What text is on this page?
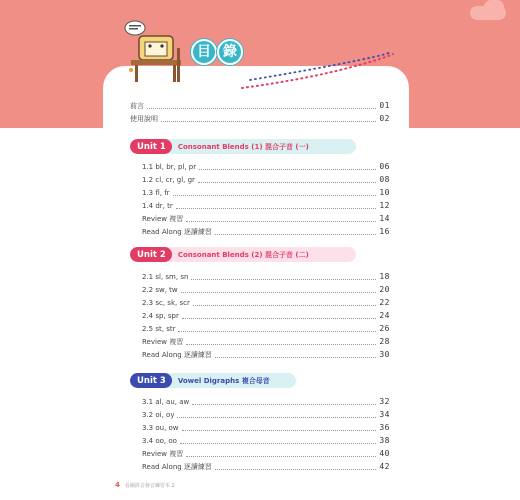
目 錄
前言	01
使用說明	02
Unit 1	Consonant Blends (1) 混合子音 (一)
1.1 bl, br, pl, pr	06
1.2 cl, cr, gl, gr	08
1.3 fl, fr	10
1.4 dr, tr	12
Review 複習	14
Read Along 逐讀練習	16
Unit 2	Consonant Blends (2) 混合子音 (二)
2.1 sl, sm, sn	18
2.2 sw, tw	20
2.3 sc, sk, scr	22
2.4 sp, spr	24
2.5 st, str	26
Review 複習	28
Read Along 逐讀練習	30
Unit 3	Vowel Digraphs 複合母音
3.1 al, au, aw	32
3.2 oi, oy	34
3.3 ou, ow	36
3.4 oo, oo	38
Review 複習	40
Read Along 逐讀練習	42
4 看圖拼音發音練習本 2
